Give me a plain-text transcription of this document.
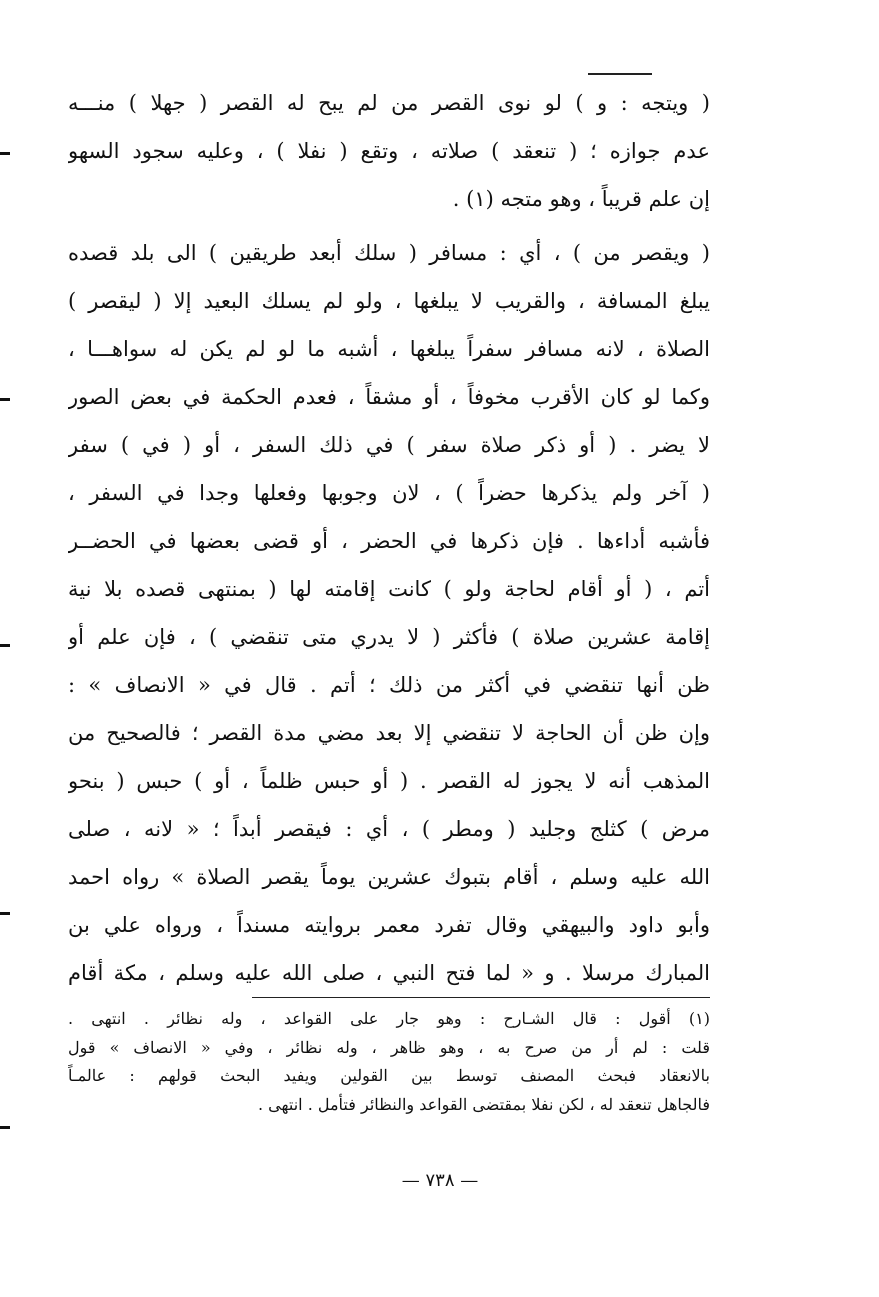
( ويتجه : و ) لو نوى القصر من لم يبح له القصر ( جهلا ) منـــه
عدم جوازه ؛ ( تنعقد ) صلاته ، وتقع ( نفلا ) ، وعليه سجود السهو
إن علم قريباً ، وهو متجه (١) .
( ويقصر من ) ، أي : مسافر ( سلك أبعد طريقين ) الى بلد قصده
يبلغ المسافة ، والقريب لا يبلغها ، ولو لم يسلك البعيد إلا ( ليقصر )
الصلاة ، لانه مسافر سفراً يبلغها ، أشبه ما لو لم يكن له سواهـــا ،
وكما لو كان الأقرب مخوفاً ، أو مشقاً ، فعدم الحكمة في بعض الصور
لا يضر . ( أو ذكر صلاة سفر ) في ذلك السفر ، أو ( في ) سفر
( آخر ولم يذكرها حضراً ) ، لان وجوبها وفعلها وجدا في السفر ،
فأشبه أداءها . فإن ذكرها في الحضر ، أو قضى بعضها في الحضــر
أتم ، ( أو أقام لحاجة ولو ) كانت إقامته لها ( بمنتهى قصده بلا نية
إقامة عشرين صلاة ) فأكثر ( لا يدري متى تنقضي ) ، فإن علم أو
ظن أنها تنقضي في أكثر من ذلك ؛ أتم . قال في « الانصاف » :
وإن ظن أن الحاجة لا تنقضي إلا بعد مضي مدة القصر ؛ فالصحيح من
المذهب أنه لا يجوز له القصر . ( أو حبس ظلماً ، أو ) حبس ( بنحو
مرض ) كثلج وجليد ( ومطر ) ، أي : فيقصر أبداً ؛ « لانه ، صلى
الله عليه وسلم ، أقام بتبوك عشرين يوماً يقصر الصلاة » رواه احمد
وأبو داود والبيهقي وقال تفرد معمر بروايته مسنداً ، ورواه علي بن
المبارك مرسلا . و « لما فتح النبي ، صلى الله عليه وسلم ، مكة أقام
(١) أقول : قال الشـارح : وهو جار على القواعد ، وله نظائر . انتهى .
قلت : لم أر من صرح به ، وهو ظاهر ، وله نظائر ، وفي « الانصاف » قول
بالانعقاد فبحث المصنف توسط بين القولين ويفيد البحث قولهم : عالمـاً
فالجاهل تنعقد له ، لكن نفلا بمقتضى القواعد والنظائر فتأمل . انتهى .
— ٧٣٨ —
